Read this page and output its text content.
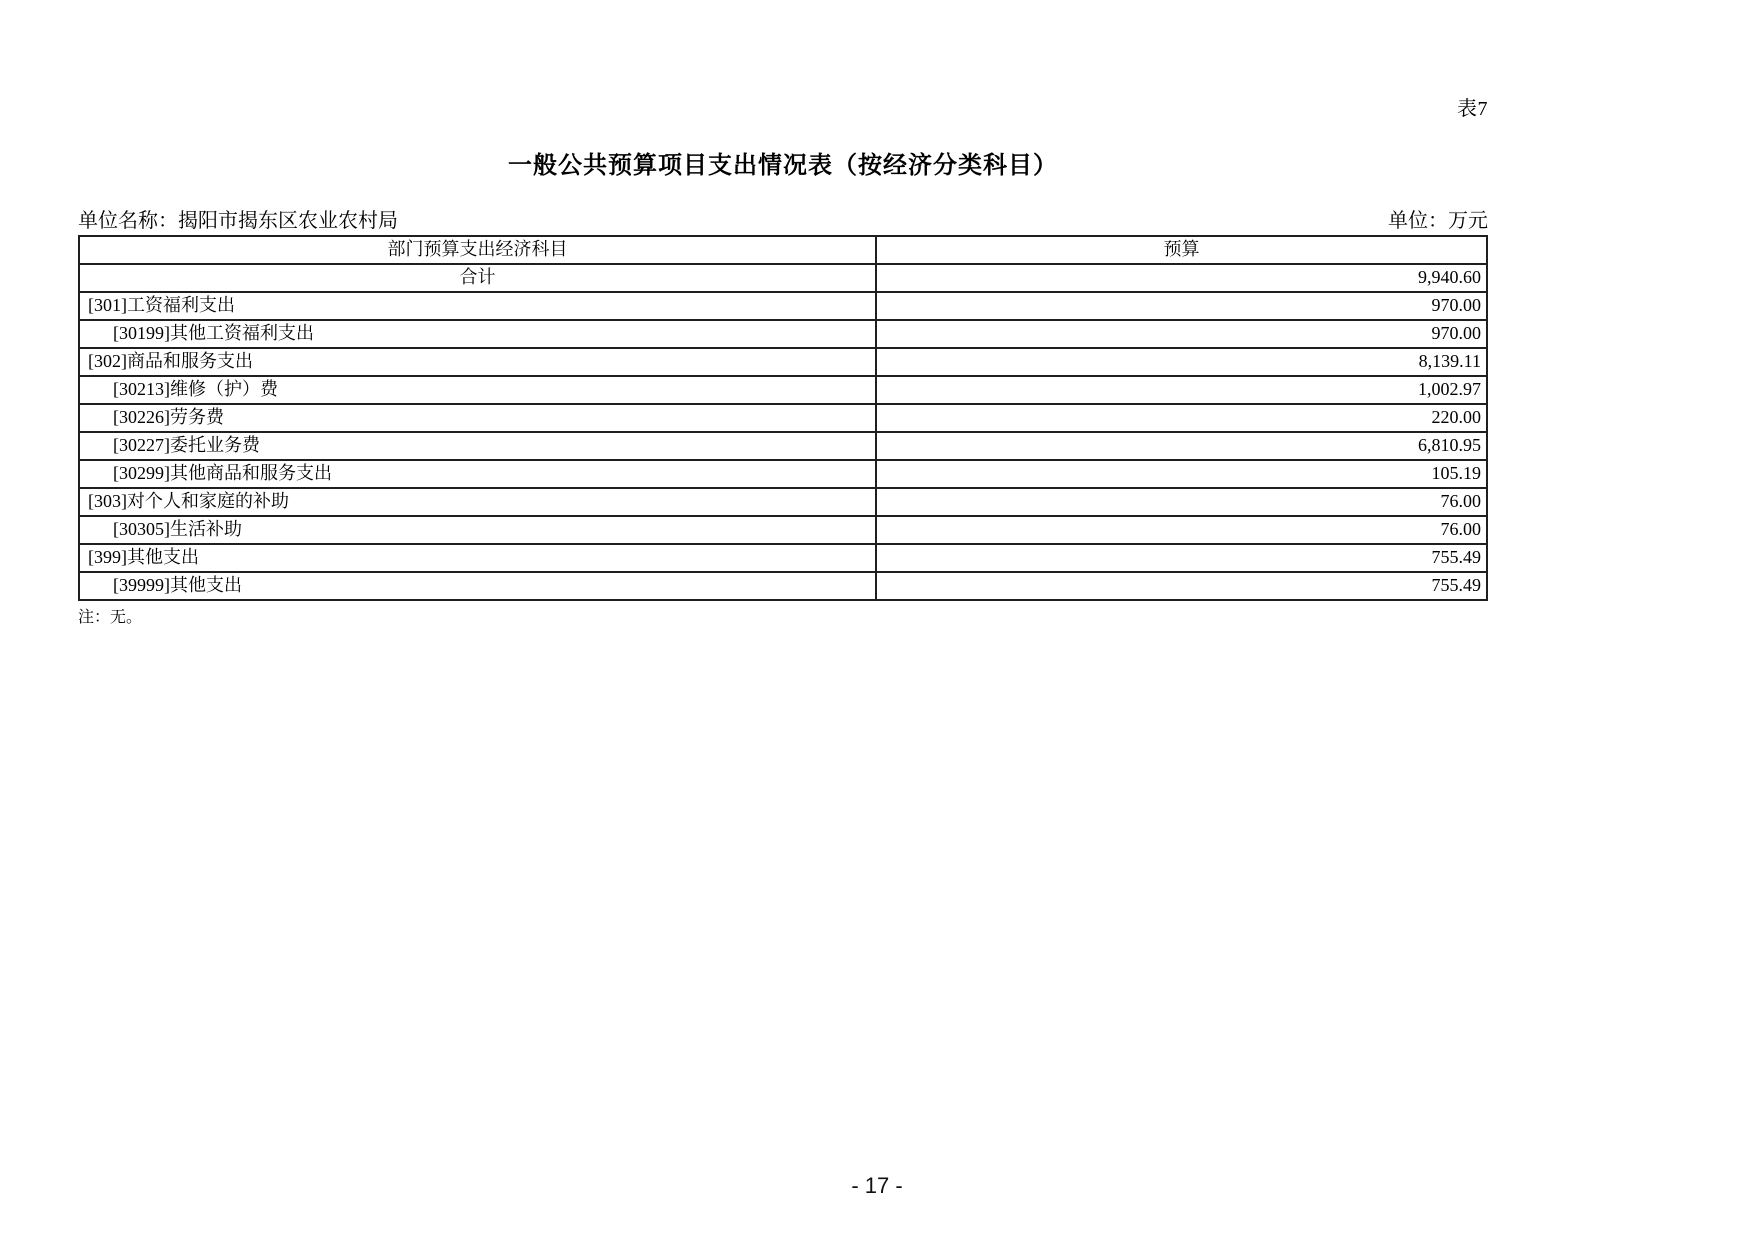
表7
一般公共预算项目支出情况表（按经济分类科目）
单位名称：揭阳市揭东区农业农村局	单位：万元
部门预算支出经济科目	预算
合计	9,940.60
[301]工资福利支出	970.00
[30199]其他工资福利支出	970.00
[302]商品和服务支出	8,139.11
[30213]维修（护）费	1,002.97
[30226]劳务费	220.00
[30227]委托业务费	6,810.95
[30299]其他商品和服务支出	105.19
[303]对个人和家庭的补助	76.00
[30305]生活补助	76.00
[399]其他支出	755.49
[39999]其他支出	755.49
注：无。
- 17 -
